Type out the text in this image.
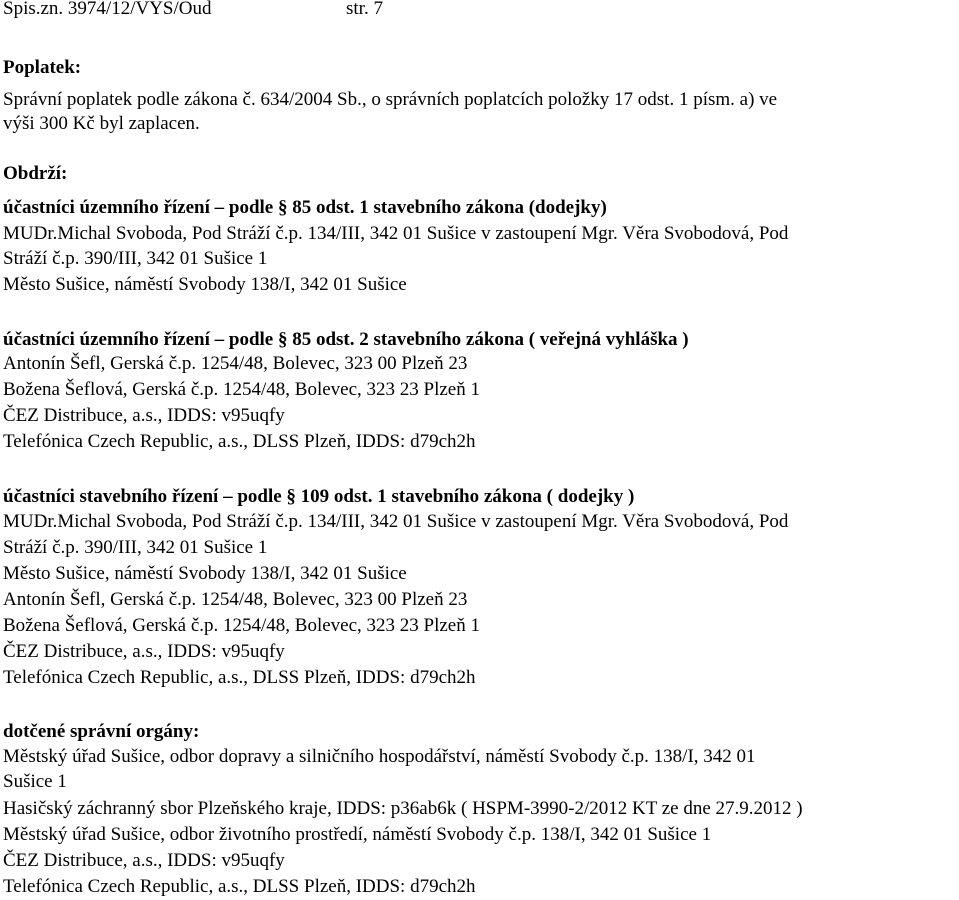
Spis.zn. 3974/12/VYS/Oud	str. 7
Poplatek:
Správní poplatek podle zákona č. 634/2004 Sb., o správních poplatcích položky 17 odst. 1 písm. a) ve
výši 300 Kč byl zaplacen.
Obdrží:
účastníci územního řízení – podle § 85 odst. 1 stavebního zákona (dodejky)
MUDr.Michal Svoboda, Pod Stráží č.p. 134/III, 342 01 Sušice v zastoupení Mgr. Věra Svobodová, Pod
Stráží č.p. 390/III, 342 01 Sušice 1
Město Sušice, náměstí Svobody 138/I, 342 01 Sušice
účastníci územního řízení – podle § 85 odst. 2 stavebního zákona ( veřejná vyhláška )
Antonín Šefl, Gerská č.p. 1254/48, Bolevec, 323 00 Plzeň 23
Božena Šeflová, Gerská č.p. 1254/48, Bolevec, 323 23 Plzeň 1
ČEZ Distribuce, a.s., IDDS: v95uqfy
Telefónica Czech Republic, a.s., DLSS Plzeň, IDDS: d79ch2h
účastníci stavebního řízení – podle § 109 odst. 1 stavebního zákona ( dodejky )
MUDr.Michal Svoboda, Pod Stráží č.p. 134/III, 342 01 Sušice v zastoupení Mgr. Věra Svobodová, Pod
Stráží č.p. 390/III, 342 01 Sušice 1
Město Sušice, náměstí Svobody 138/I, 342 01 Sušice
Antonín Šefl, Gerská č.p. 1254/48, Bolevec, 323 00 Plzeň 23
Božena Šeflová, Gerská č.p. 1254/48, Bolevec, 323 23 Plzeň 1
ČEZ Distribuce, a.s., IDDS: v95uqfy
Telefónica Czech Republic, a.s., DLSS Plzeň, IDDS: d79ch2h
dotčené správní orgány:
Městský úřad Sušice, odbor dopravy a silničního hospodářství, náměstí Svobody č.p. 138/I, 342 01
Sušice 1
Hasičský záchranný sbor Plzeňského kraje, IDDS: p36ab6k ( HSPM-3990-2/2012 KT ze dne 27.9.2012 )
Městský úřad Sušice, odbor životního prostředí, náměstí Svobody č.p. 138/I, 342 01 Sušice 1
ČEZ Distribuce, a.s., IDDS: v95uqfy
Telefónica Czech Republic, a.s., DLSS Plzeň, IDDS: d79ch2h
